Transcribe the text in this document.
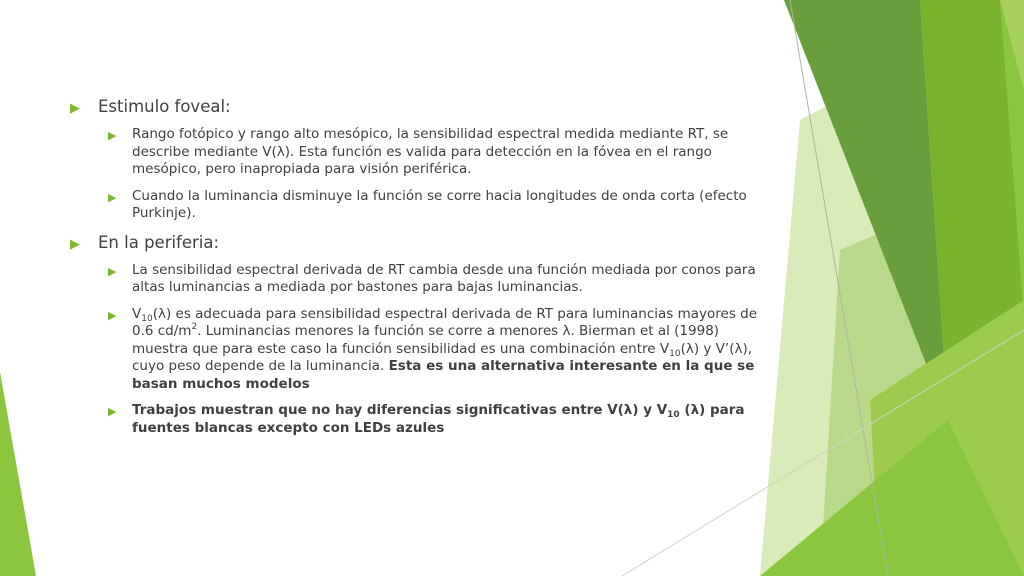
▶ Estimulo foveal:
▶ Rango fotópico y rango alto mesópico, la sensibilidad espectral medida mediante RT, se describe mediante V(λ). Esta función es valida para detección en la fóvea en el rango mesópico, pero inapropiada para visión periférica.
▶ Cuando la luminancia disminuye la función se corre hacia longitudes de onda corta (efecto Purkinje).
▶ En la periferia:
▶ La sensibilidad espectral derivada de RT cambia desde una función mediada por conos para altas luminancias a mediada por bastones para bajas luminancias.
▶ $V_{10}(\lambda)$ es adecuada para sensibilidad espectral derivada de RT para luminancias mayores de 0.6 $cd/m^2$. Luminancias menores la función se corre a menores λ. Bierman et al (1998) muestra que para este caso la función sensibilidad es una combinación entre $V_{10}(\lambda)$ y V’(λ), cuyo peso depende de la luminancia. Esta es una alternativa interesante en la que se basan muchos modelos
▶ Trabajos muestran que no hay diferencias significativas entre V(λ) y $V_{10}$ (λ) para fuentes blancas excepto con LEDs azules
